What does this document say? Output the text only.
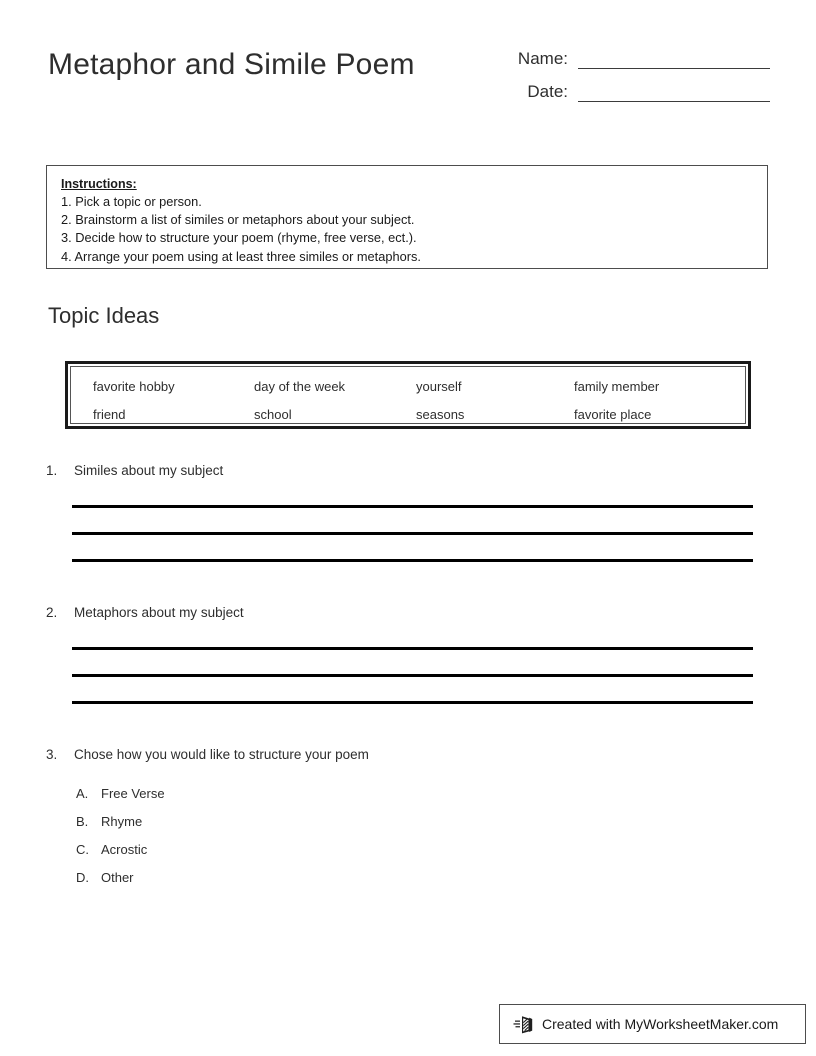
Metaphor and Simile Poem	Name:
Date:
Instructions:
1. Pick a topic or person.
2. Brainstorm a list of similes or metaphors about your subject.
3. Decide how to structure your poem (rhyme, free verse, ect.).
4. Arrange your poem using at least three similes or metaphors.
Topic Ideas
favorite hobby	day of the week	yourself	family member
friend	school	seasons	favorite place
1.	Similes about my subject
2.	Metaphors about my subject
3.	Chose how you would like to structure your poem
A. Free Verse
B. Rhyme
C. Acrostic
D. Other
Created with MyWorksheetMaker.com
